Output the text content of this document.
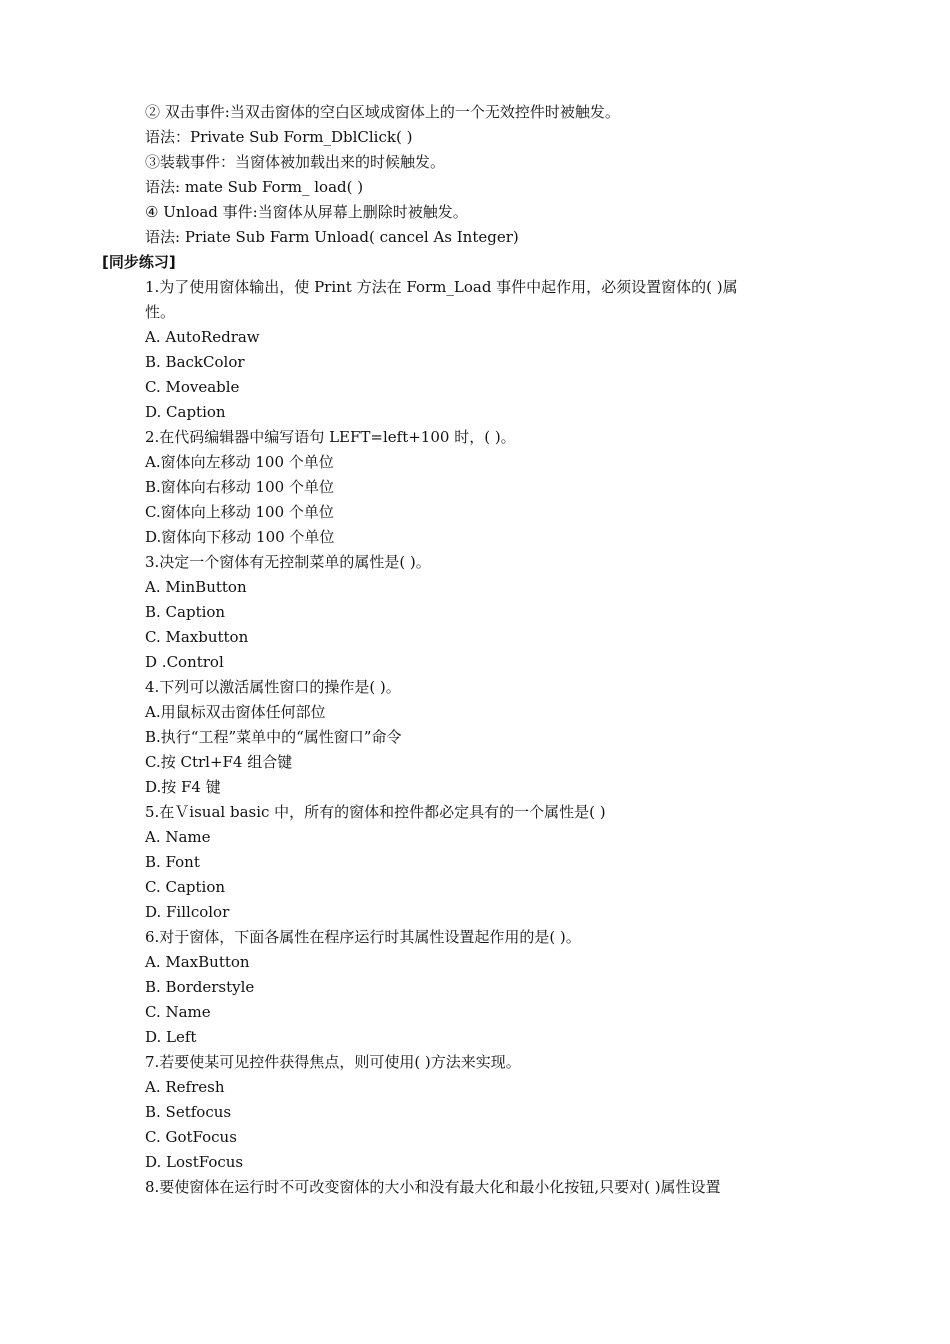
② 双击事件:当双击窗体的空白区域成窗体上的一个无效控件时被触发。
语法：Private Sub Form_DblClick( )
③装载事件：当窗体被加载出来的时候触发。
语法: mate Sub Form_ load( )
④ Unload 事件:当窗体从屏幕上删除时被触发。
语法: Priate Sub Farm Unload( cancel As Integer)
[同步练习]
1.为了使用窗体输出，使 Print 方法在 Form_Load 事件中起作用，必须设置窗体的( )属
性。
A. AutoRedraw
B. BackColor
C. Moveable
D. Caption
2.在代码编辑器中编写语句 LEFT=left+100 时，( )。
A.窗体向左移动 100 个单位
B.窗体向右移动 100 个单位
C.窗体向上移动 100 个单位
D.窗体向下移动 100 个单位
3.决定一个窗体有无控制菜单的属性是( )。
A. MinButton
B. Caption
C. Maxbutton
D .Control
4.下列可以激活属性窗口的操作是( )。
A.用鼠标双击窗体任何部位
B.执行“工程”菜单中的“属性窗口”命令
C.按 Ctrl+F4 组合键
D.按 F4 键
5.在Ｖisual basic 中，所有的窗体和控件都必定具有的一个属性是( )
A. Name
B. Font
C. Caption
D. Fillcolor
6.对于窗体，下面各属性在程序运行时其属性设置起作用的是( )。
A. MaxButton
B. Borderstyle
C. Name
D. Left
7.若要使某可见控件获得焦点，则可使用( )方法来实现。
A. Refresh
B. Setfocus
C. GotFocus
D. LostFocus
8.要使窗体在运行时不可改变窗体的大小和没有最大化和最小化按钮,只要对( )属性设置
